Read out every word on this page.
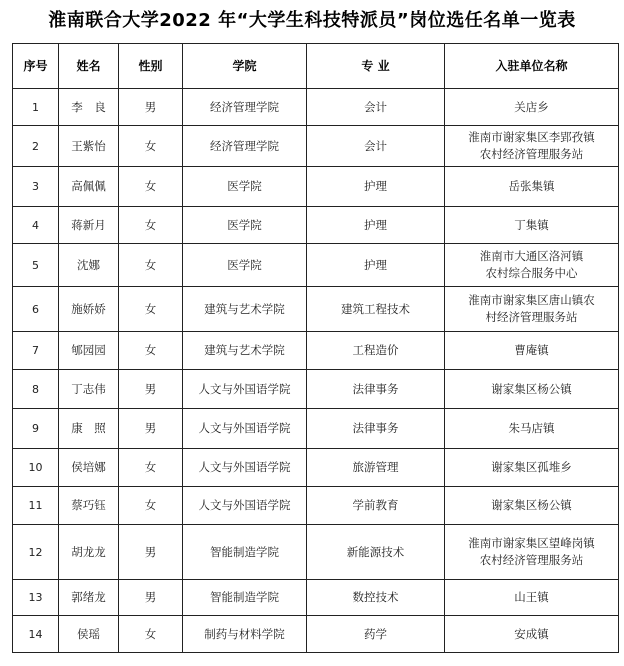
淮南联合大学2022 年“大学生科技特派员”岗位选任名单一览表
序号	姓名	性别	学院	专 业	入驻单位名称
1	李　良	男	经济管理学院	会计	关店乡

2	王紫怡	女	经济管理学院	会计	淮南市谢家集区李郢孜镇
农村经济管理服务站

3	高佩佩	女	医学院	护理	岳张集镇

4	蒋新月	女	医学院	护理	丁集镇

5	沈娜	女	医学院	护理	淮南市大通区洛河镇
农村综合服务中心

6	施娇娇	女	建筑与艺术学院	建筑工程技术	淮南市谢家集区唐山镇农
村经济管理服务站

7	郇园园	女	建筑与艺术学院	工程造价	曹庵镇

8	丁志伟	男	人文与外国语学院	法律事务	谢家集区杨公镇

9	康　照	男	人文与外国语学院	法律事务	朱马店镇

10	侯培娜	女	人文与外国语学院	旅游管理	谢家集区孤堆乡

11	蔡巧钰	女	人文与外国语学院	学前教育	谢家集区杨公镇

12	胡龙龙	男	智能制造学院	新能源技术	淮南市谢家集区望峰岗镇
农村经济管理服务站

13	郭绪龙	男	智能制造学院	数控技术	山王镇

14	侯瑶	女	制药与材料学院	药学	安成镇
